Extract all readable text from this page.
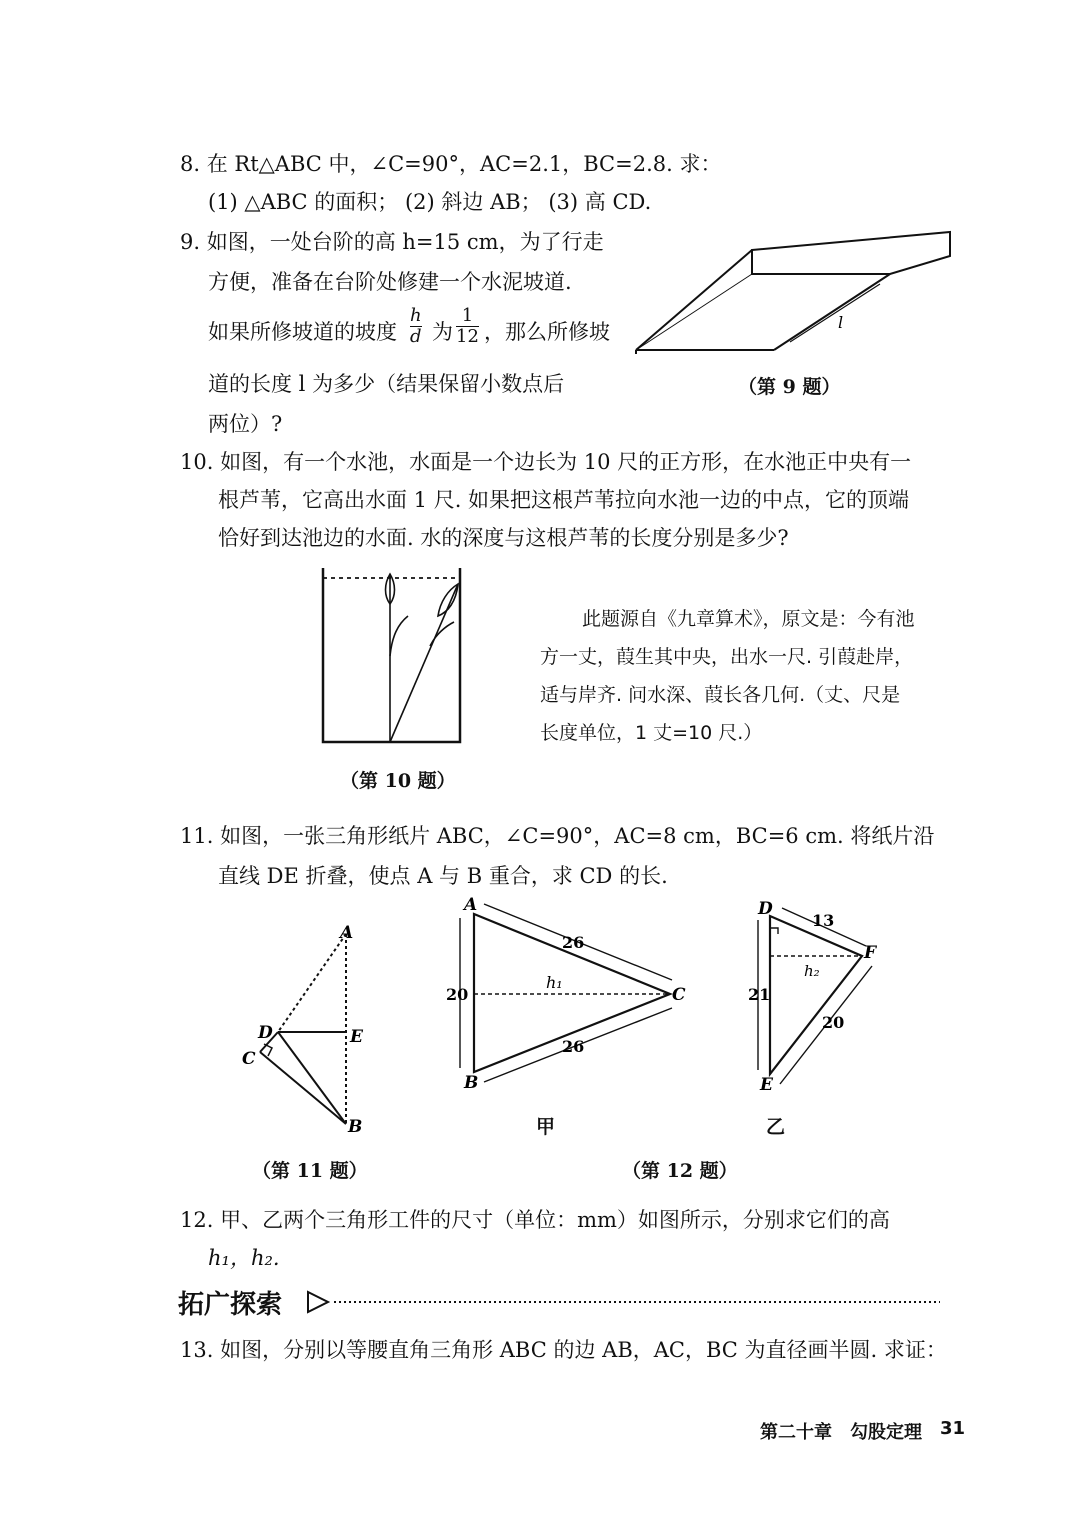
8. 在 Rt△ABC 中，∠C=90°，AC=2.1，BC=2.8. 求：
(1) △ABC 的面积； (2) 斜边 AB； (3) 高 CD.
9. 如图，一处台阶的高 h=15 cm，为了行走
方便，准备在台阶处修建一个水泥坡道.
如果所修坡道的坡度
h
d 为
1
12 ，那么所修坡
道的长度 l 为多少（结果保留小数点后
两位）?
l
（第 9 题）
10. 如图，有一个水池，水面是一个边长为 10 尺的正方形，在水池正中央有一
根芦苇，它高出水面 1 尺. 如果把这根芦苇拉向水池一边的中点，它的顶端
恰好到达池边的水面. 水的深度与这根芦苇的长度分别是多少?
（第 10 题）
此题源自《九章算术》，原文是：今有池
方一丈，葭生其中央，出水一尺. 引葭赴岸，
适与岸齐. 问水深、葭长各几何.（丈、尺是
长度单位，1 丈=10 尺.）
11. 如图，一张三角形纸片 ABC，∠C=90°，AC=8 cm，BC=6 cm. 将纸片沿
直线 DE 折叠，使点 A 与 B 重合，求 CD 的长.
A
D	E
C
B
（第 11 题）
A
B
C
20
26
26
h₁
甲
D
E
F
21
13
20
h₂
乙
（第 12 题）
12. 甲、乙两个三角形工件的尺寸（单位：mm）如图所示，分别求它们的高
h₁，h₂.
拓广探索
13. 如图，分别以等腰直角三角形 ABC 的边 AB，AC，BC 为直径画半圆. 求证：
第二十章　勾股定理 31
